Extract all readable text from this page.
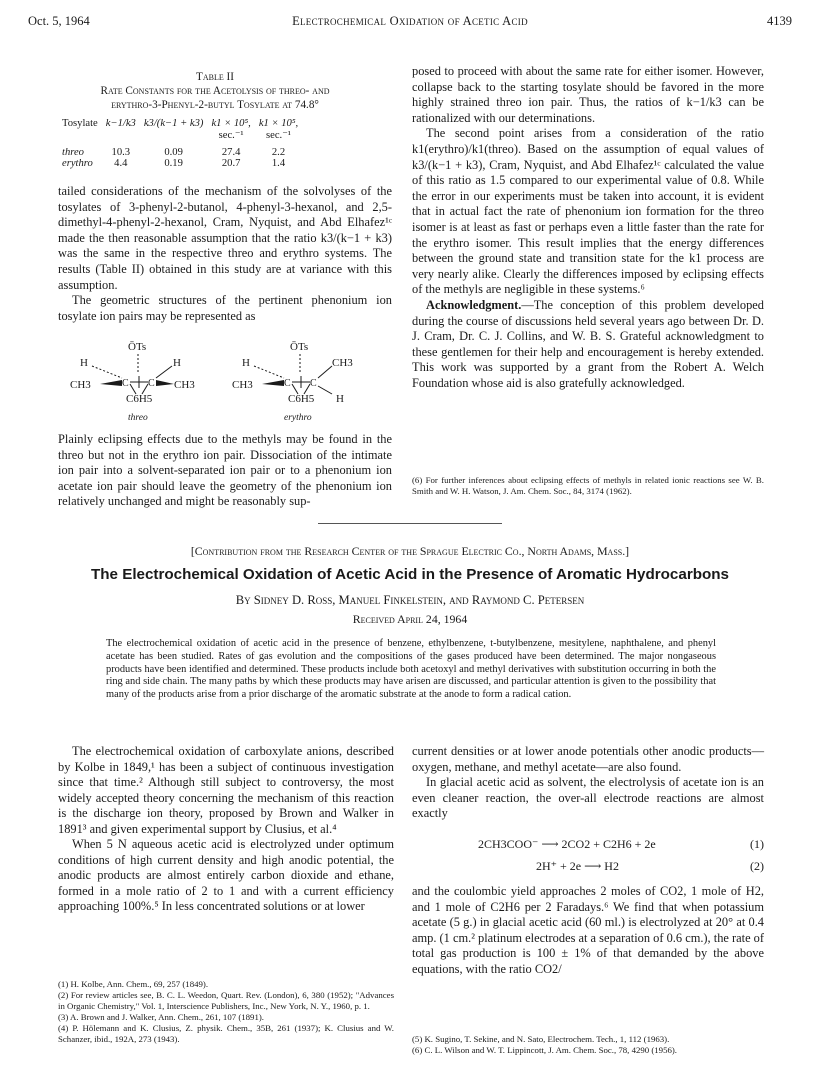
Oct. 5, 1964	Electrochemical Oxidation of Acetic Acid	4139
Table II
Rate Constants for the Acetolysis of threo- and
erythro-3-Phenyl-2-butyl Tosylate at 74.8°
Tosylate	k−1/k3	k3/(k−1 + k3)	k1 × 10⁵,	k1 × 10⁵,
			sec.⁻¹	sec.⁻¹

threo	10.3	0.09	27.4	2.2
erythro	4.4	0.19	20.7	1.4

tailed considerations of the mechanism of the solvolyses of the tosylates of 3-phenyl-2-butanol, 4-phenyl-3-hexanol, and 2,5-dimethyl-4-phenyl-2-hexanol, Cram, Nyquist, and Abd Elhafez¹ᶜ made the then reasonable assumption that the ratio k3/(k−1 + k3) was the same in the respective threo and erythro systems. The results (Table II) obtained in this study are at variance with this assumption.

The geometric structures of the pertinent phenonium ion tosylate ion pairs may be represented as

ŌTs
H	H
CH3	CH3
C C
C6H5
threo
ŌTs
H	CH3
CH3	C C
H
C6H5
erythro

Plainly eclipsing effects due to the methyls may be found in the threo but not in the erythro ion pair. Dissociation of the intimate ion pair into a solvent-separated ion pair or to a phenonium ion acetate ion pair should leave the geometry of the phenonium ion relatively unchanged and might be reasonably sup-

posed to proceed with about the same rate for either isomer. However, collapse back to the starting tosylate should be favored in the more highly strained threo ion pair. Thus, the ratios of k−1/k3 can be rationalized with our determinations.

The second point arises from a consideration of the ratio k1(erythro)/k1(threo). Based on the assumption of equal values of k3/(k−1 + k3), Cram, Nyquist, and Abd Elhafez¹ᶜ calculated the value of this ratio as 1.5 compared to our experimental value of 0.8. While the error in our experiments must be taken into account, it is evident that in actual fact the rate of phenonium ion formation for the threo isomer is at least as fast or perhaps even a little faster than the rate for the erythro isomer. This result implies that the energy differences between the ground state and transition state for the k1 process are very nearly alike. Clearly the differences imposed by eclipsing effects of the methyls are negligible in these systems.⁶

Acknowledgment.—The conception of this problem developed during the course of discussions held several years ago between Dr. D. J. Cram, Dr. C. J. Collins, and W. B. S. Grateful acknowledgment to these gentlemen for their help and encouragement is hereby extended. This work was supported by a grant from the Robert A. Welch Foundation whose aid is also gratefully acknowledged.

(6) For further inferences about eclipsing effects of methyls in related ionic reactions see W. B. Smith and W. H. Watson, J. Am. Chem. Soc., 84, 3174 (1962).
[Contribution from the Research Center of the Sprague Electric Co., North Adams, Mass.]
The Electrochemical Oxidation of Acetic Acid in the Presence of Aromatic Hydrocarbons
By Sidney D. Ross, Manuel Finkelstein, and Raymond C. Petersen
Received April 24, 1964
The electrochemical oxidation of acetic acid in the presence of benzene, ethylbenzene, t-butylbenzene, mesitylene, naphthalene, and phenyl acetate has been studied. Rates of gas evolution and the compositions of the gases produced have been determined. The major nongaseous products have been identified and determined. These products include both acetoxyl and methyl derivatives with substitution occurring in both the ring and side chain. The many paths by which these products may have arisen are discussed, and particular attention is given to the possibility that many of the products arise from a prior discharge of the aromatic substrate at the anode to form a radical cation.

The electrochemical oxidation of carboxylate anions, described by Kolbe in 1849,¹ has been a subject of continuous investigation since that time.² Although still subject to controversy, the most widely accepted theory concerning the mechanism of this reaction is the discharge ion theory, proposed by Brown and Walker in 1891³ and given experimental support by Clusius, et al.⁴

When 5 N aqueous acetic acid is electrolyzed under optimum conditions of high current density and high anodic potential, the anodic products are almost entirely carbon dioxide and ethane, formed in a mole ratio of 2 to 1 and with a current efficiency approaching 100%.⁵ In less concentrated solutions or at lower

(1) H. Kolbe, Ann. Chem., 69, 257 (1849).
(2) For review articles see, B. C. L. Weedon, Quart. Rev. (London), 6, 380 (1952); "Advances in Organic Chemistry," Vol. 1, Interscience Publishers, Inc., New York, N. Y., 1960, p. 1.
(3) A. Brown and J. Walker, Ann. Chem., 261, 107 (1891).
(4) P. Hölemann and K. Clusius, Z. physik. Chem., 35B, 261 (1937); K. Clusius and W. Schanzer, ibid., 192A, 273 (1943).

current densities or at lower anode potentials other anodic products—oxygen, methane, and methyl acetate—are also found.

In glacial acetic acid as solvent, the electrolysis of acetate ion is an even cleaner reaction, the over-all electrode reactions are almost exactly

2CH3COO⁻ ⟶ 2CO2 + C2H6 + 2e	(1)
2H⁺ + 2e ⟶ H2	(2)

and the coulombic yield approaches 2 moles of CO2, 1 mole of H2, and 1 mole of C2H6 per 2 Faradays.⁶ We find that when potassium acetate (5 g.) in glacial acetic acid (60 ml.) is electrolyzed at 20° at 0.4 amp. (1 cm.² platinum electrodes at a separation of 0.6 cm.), the rate of total gas production is 100 ± 1% of that demanded by the above equations, with the ratio CO2/

(5) K. Sugino, T. Sekine, and N. Sato, Electrochem. Tech., 1, 112 (1963).
(6) C. L. Wilson and W. T. Lippincott, J. Am. Chem. Soc., 78, 4290 (1956).
